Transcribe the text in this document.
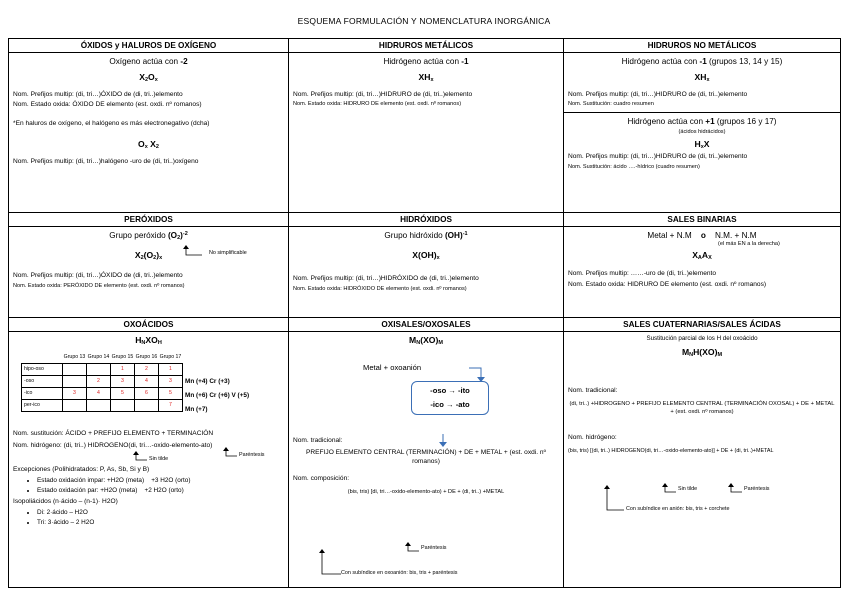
ESQUEMA FORMULACIÓN Y NOMENCLATURA INORGÁNICA
ÓXIDOS y HALUROS DE OXÍGENO	HIDRUROS METÁLICOS	HIDRUROS NO METÁLICOS

Oxígeno actúa con -2
X2Ox
Nom. Prefijos multip: (di, tri…)ÓXIDO de (di, tri..)elemento
Nom. Estado oxida: ÓXIDO DE elemento (est. oxdi. nº romanos)
*En haluros de oxígeno, el halógeno es más electronegativo (dcha)
Ox X2
Nom. Prefijos multip: (di, tri…)halógeno -uro de (di, tri..)oxígeno

Hidrógeno actúa con -1
XHx
Nom. Prefijos multip: (di, tri…)HIDRURO de (di, tri..)elemento
Nom. Estado oxida: HIDRURO DE elemento (est. oxdi. nº romanos)

Hidrógeno actúa con -1 (grupos 13, 14 y 15)
XHx
Nom. Prefijos multip: (di, tri…)HIDRURO de (di, tri..)elemento
Nom. Sustitución: cuadro resumen
Hidrógeno actúa con +1 (grupos 16 y 17)
(ácidos hidrácidos)
HxX
Nom. Prefijos multip: (di, tri…)HIDRURO de (di, tri..)elemento
Nom. Sustitución: ácido ….-hídrico (cuadro resumen)

PERÓXIDOS	HIDRÓXIDOS	SALES BINARIAS

Grupo peróxido $(O2)^{-2}$
No simplificable
X2(O2)x
Nom. Prefijos multip: (di, tri…)ÓXIDO de (di, tri..)elemento
Nom. Estado oxida: PERÓXIDO DE elemento (est. oxdi. nº romanos)

Grupo hidróxido (OH)$^{-1}$
X(OH)x
Nom. Prefijos multip: (di, tri…)HIDRÓXIDO de (di, tri..)elemento
Nom. Estado oxida: HIDRÓXIDO DE elemento (est. oxdi. nº romanos)

Metal + N.M o N.M. + N.M
(el más EN a la derecha)
XAAX
Nom. Prefijos multip: ……-uro de (di, tri..)elemento
Nom. Estado oxida: HIDRURO DE elemento (est. oxdi. nº romanos)

OXOÁCIDOS	OXISALES/OXOSALES	SALES CUATERNARIAS/SALES ÁCIDAS

HNXOH
	Grupo 13	Grupo 14	Grupo 15	Grupo 16	Grupo 17
hipo-oso			1	2	1
-oso		2	3	4	3
-ico	3	4	5	6	5
per-ico					7
Mn (+4) Cr (+3)
Mn (+6) Cr (+6) V (+5)
Mn (+7)
Nom. sustitución: ÁCIDO + PREFIJO ELEMENTO + TERMINACIÓN
Nom. hidrógeno: (di, tri..) HIDROGENO(di, tri…-oxido-elemento-ato)
Sin tilde
Paréntesis
Excepciones (Polihidratados: P, As, Sb, Si y B)
• Estado oxidación impar: +H2O (meta) +3 H2O (orto)
• Estado oxidación par: +H2O (meta) +2 H2O (orto)
Isopoliácidos (n·ácido – (n-1)· H2O)
• Di: 2·ácido – H2O
• Tri: 3·ácido – 2 H2O

MN(XO)M
Metal + oxoanión
-oso → -ito
-ico → -ato
Nom. tradicional:
PREFIJO ELEMENTO CENTRAL (TERMINACIÓN) + DE + METAL + (est. oxdi. nº romanos)
Nom. composición:
(bis, tris) [di, tri…-oxido-elemento-ato) + DE + (di, tri..) +METAL
Paréntesis
Con subíndice en oxoanión: bis, tris + paréntesis

Sustitución parcial de los H del oxoácido
MNH(XO)M
Nom. tradicional:
(di, tri..) +HIDROGENO + PREFIJO ELEMENTO CENTRAL (TERMINACIÓN OXOSAL) + DE + METAL + (est. oxdi. nº romanos)
Nom. hidrógeno:
(bis, tris) [(di, tri..) HIDROGENO(di, tri…-oxido-elemento-ato)] + DE + (di, tri..)+METAL
Sin tilde	Paréntesis
Con subíndice en anión: bis, tris + corchete
